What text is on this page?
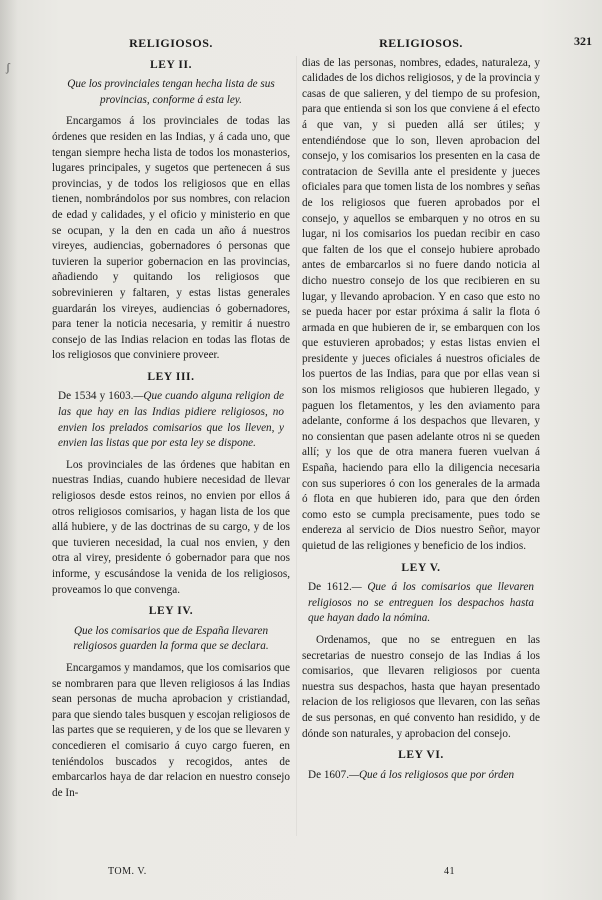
ʃ
321
RELIGIOSOS.
LEY II.
Que los provinciales tengan hecha lista de sus provincias, conforme á esta ley.

Encargamos á los provinciales de todas las órdenes que residen en las Indias, y á cada uno, que tengan siempre hecha lista de todos los monasterios, lugares principales, y sugetos que pertenecen á sus provincias, y de todos los religiosos que en ellas tienen, nombrándolos por sus nombres, con relacion de edad y calidades, y el oficio y ministerio en que se ocupan, y la den en cada un año á nuestros vireyes, audiencias, gobernadores ó personas que tuvieren la superior gobernacion en las provincias, añadiendo y quitando los religiosos que sobrevinieren y faltaren, y estas listas generales guardarán los vireyes, audiencias ó gobernadores, para tener la noticia necesaria, y remitir á nuestro consejo de las Indias relacion en todas las flotas de los religiosos que conviniere proveer.

LEY III.
De 1534 y 1603.—Que cuando alguna religion de las que hay en las Indias pidiere religiosos, no envien los prelados comisarios que los lleven, y envien las listas que por esta ley se dispone.

Los provinciales de las órdenes que habitan en nuestras Indias, cuando hubiere necesidad de llevar religiosos desde estos reinos, no envien por ellos á otros religiosos comisarios, y hagan lista de los que allá hubiere, y de las doctrinas de su cargo, y de los que tuvieren necesidad, la cual nos envien, y den otra al virey, presidente ó gobernador para que nos informe, y escusándose la venida de los religiosos, proveamos lo que convenga.

LEY IV.
Que los comisarios que de España llevaren religiosos guarden la forma que se declara.

Encargamos y mandamos, que los comisarios que se nombraren para que lleven religiosos á las Indias sean personas de mucha aprobacion y cristiandad, para que siendo tales busquen y escojan religiosos de las partes que se requieren, y de los que se llevaren y concedieren el comisario á cuyo cargo fueren, en teniéndolos buscados y recogidos, antes de embarcarlos haya de dar relacion en nuestro consejo de In-

RELIGIOSOS.

dias de las personas, nombres, edades, naturaleza, y calidades de los dichos religiosos, y de la provincia y casas de que salieren, y del tiempo de su profesion, para que entienda si son los que conviene á el efecto á que van, y si pueden allá ser útiles; y entendiéndose que lo son, lleven aprobacion del consejo, y los comisarios los presenten en la casa de contratacion de Sevilla ante el presidente y jueces oficiales para que tomen lista de los nombres y señas de los religiosos que fueren aprobados por el consejo, y aquellos se embarquen y no otros en su lugar, ni los comisarios los puedan recibir en caso que falten de los que el consejo hubiere aprobado antes de embarcarlos si no fuere dando noticia al dicho nuestro consejo de los que recibieren en su lugar, y llevando aprobacion. Y en caso que esto no se pueda hacer por estar próxima á salir la flota ó armada en que hubieren de ir, se embarquen con los que estuvieren aprobados; y estas listas envien el presidente y jueces oficiales á nuestros oficiales de los puertos de las Indias, para que por ellas vean si son los mismos religiosos que hubieren llegado, y paguen los fletamentos, y les den aviamento para adelante, conforme á los despachos que llevaren, y no consientan que pasen adelante otros ni se queden allí; y los que de otra manera fueren vuelvan á España, haciendo para ello la diligencia necesaria con sus superiores ó con los generales de la armada ó flota en que hubieren ido, para que den órden como esto se cumpla precisamente, pues todo se endereza al servicio de Dios nuestro Señor, mayor quietud de las religiones y beneficio de los indios.

LEY V.
De 1612.— Que á los comisarios que llevaren religiosos no se entreguen los despachos hasta que hayan dado la nómina.

Ordenamos, que no se entreguen en las secretarias de nuestro consejo de las Indias á los comisarios, que llevaren religiosos por cuenta nuestra sus despachos, hasta que hayan presentado relacion de los religiosos que llevaren, con las señas de sus personas, en qué convento han residido, y de dónde son naturales, y aprobacion del consejo.

LEY VI.
De 1607.—Que á los religiosos que por órden
TOM. V.	41
